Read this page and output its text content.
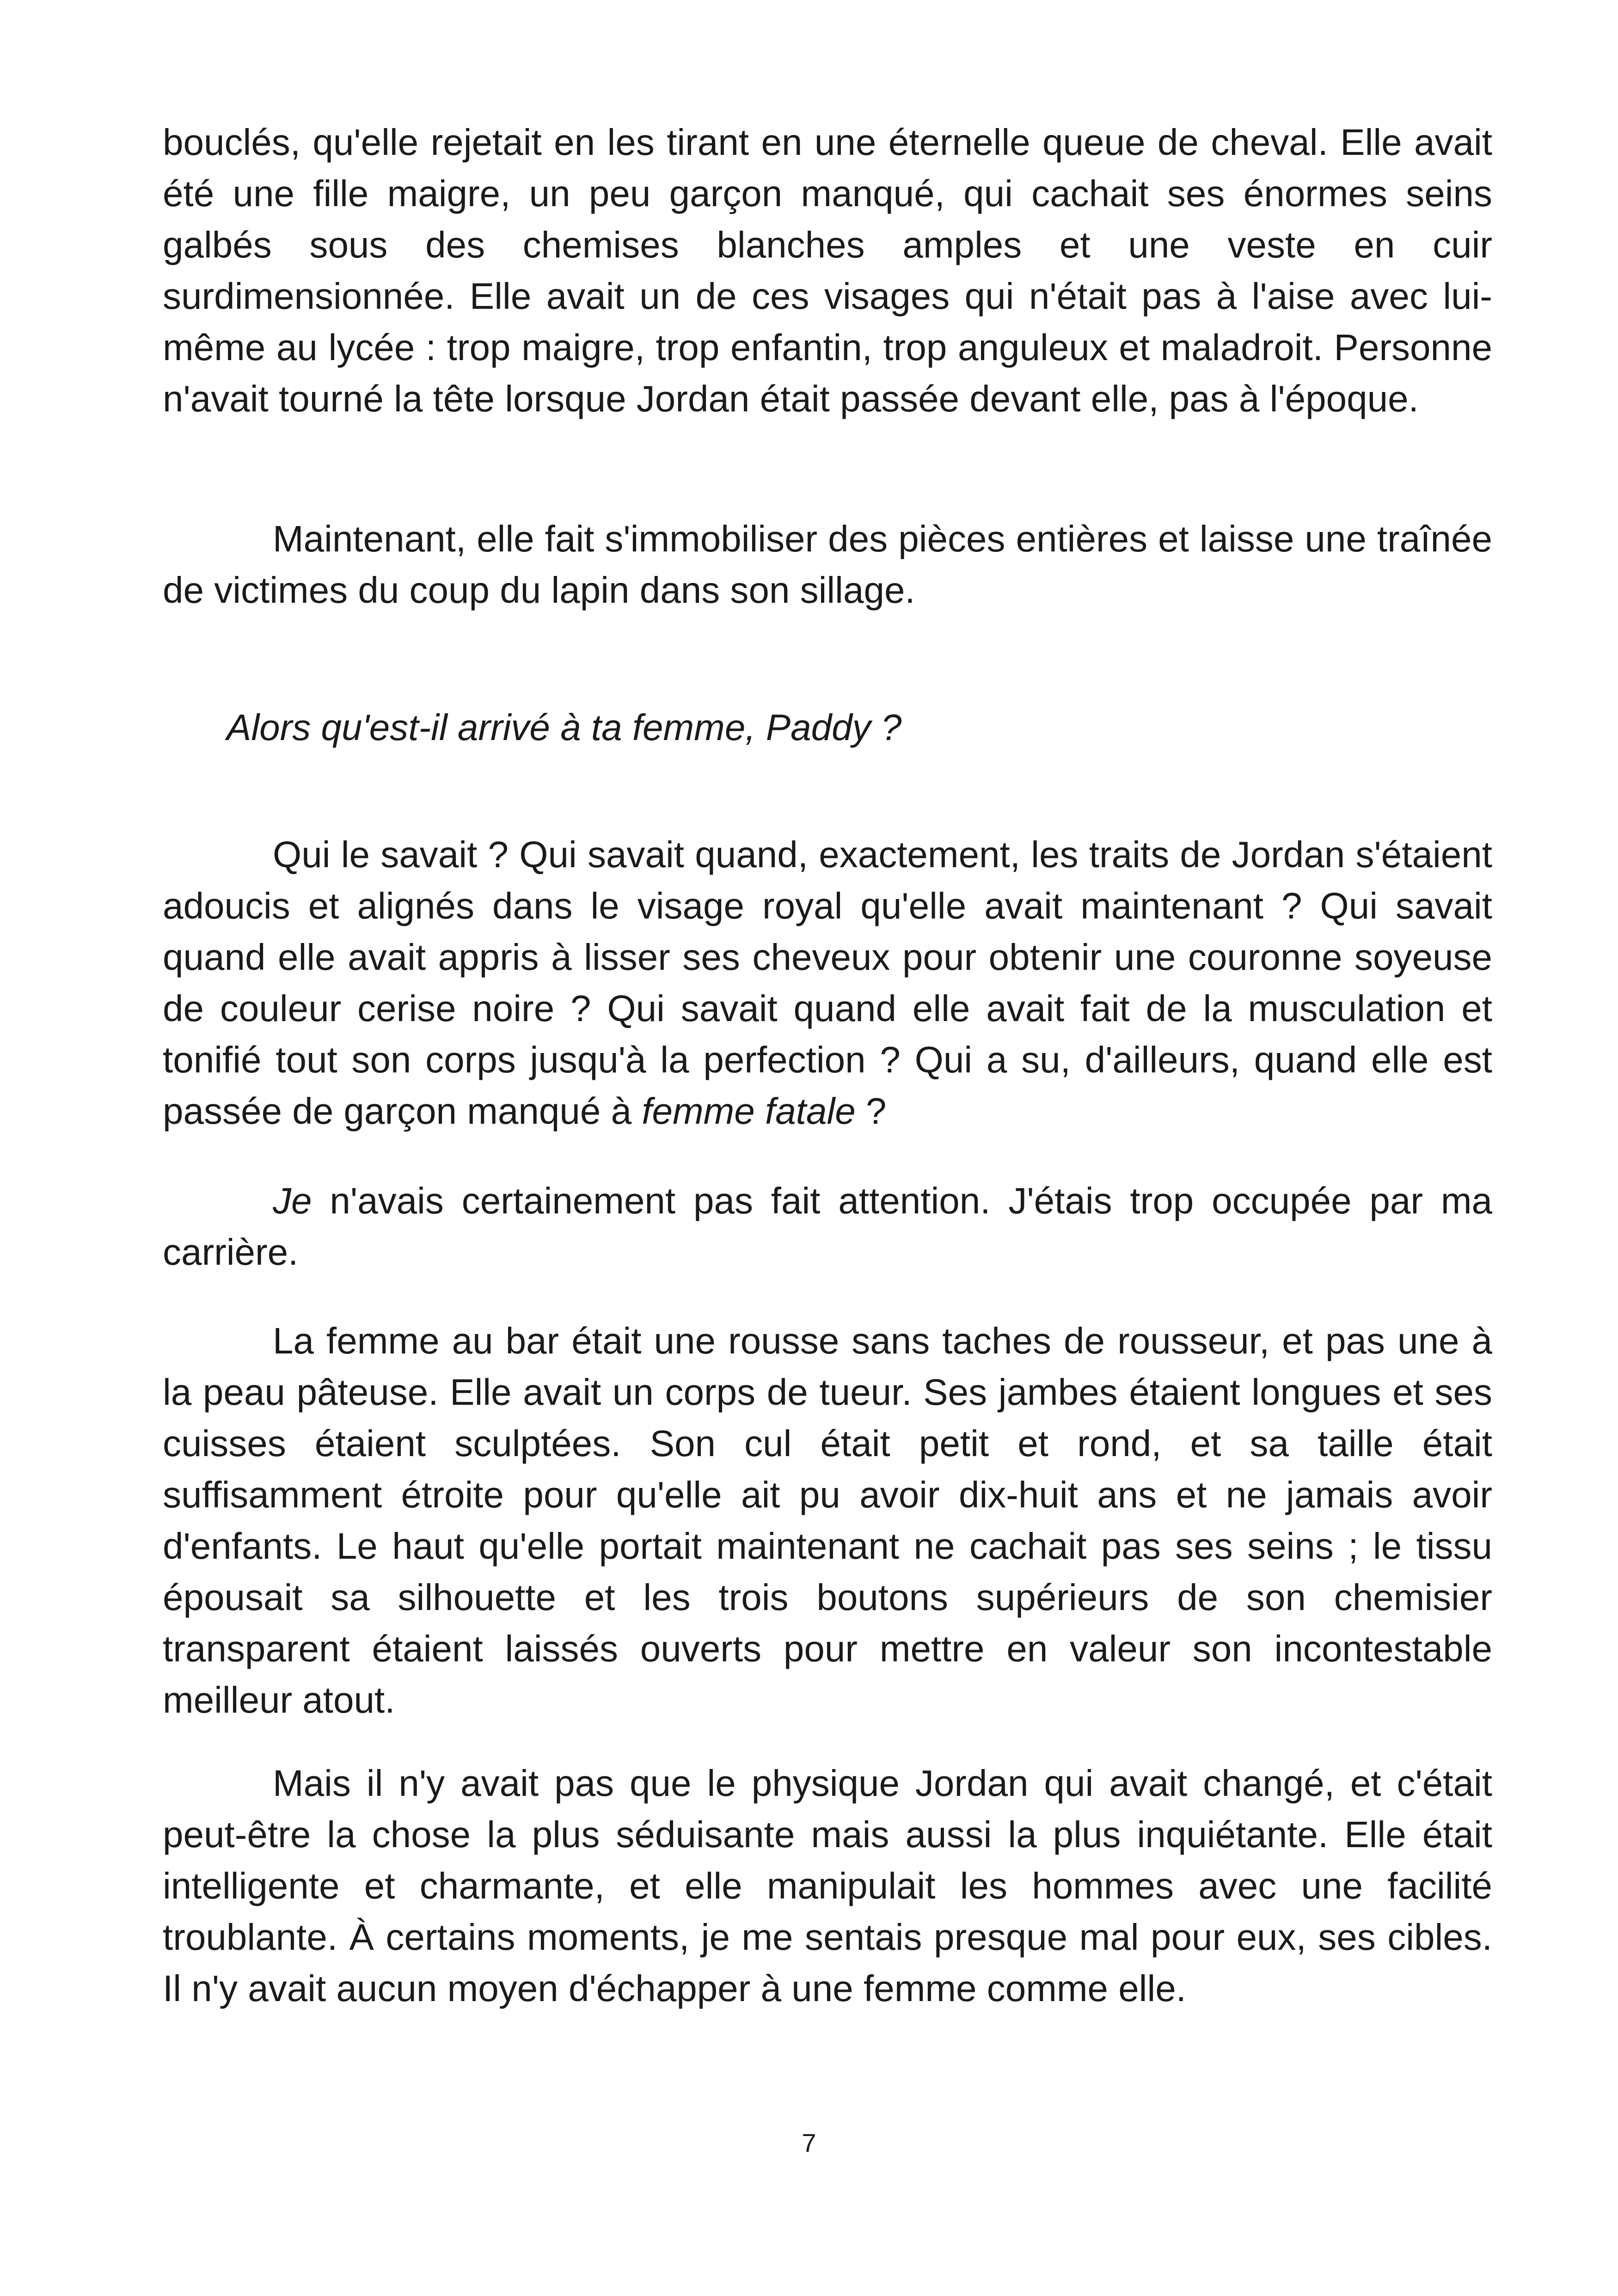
bouclés, qu'elle rejetait en les tirant en une éternelle queue de cheval. Elle avait été une fille maigre, un peu garçon manqué, qui cachait ses énormes seins galbés sous des chemises blanches amples et une veste en cuir surdimensionnée. Elle avait un de ces visages qui n'était pas à l'aise avec lui-même au lycée : trop maigre, trop enfantin, trop anguleux et maladroit. Personne n'avait tourné la tête lorsque Jordan était passée devant elle, pas à l'époque.

Maintenant, elle fait s'immobiliser des pièces entières et laisse une traînée de victimes du coup du lapin dans son sillage.

Alors qu'est-il arrivé à ta femme, Paddy ?

Qui le savait ? Qui savait quand, exactement, les traits de Jordan s'étaient adoucis et alignés dans le visage royal qu'elle avait maintenant ? Qui savait quand elle avait appris à lisser ses cheveux pour obtenir une couronne soyeuse de couleur cerise noire ? Qui savait quand elle avait fait de la musculation et tonifié tout son corps jusqu'à la perfection ? Qui a su, d'ailleurs, quand elle est passée de garçon manqué à femme fatale ?

Je n'avais certainement pas fait attention. J'étais trop occupée par ma carrière.

La femme au bar était une rousse sans taches de rousseur, et pas une à la peau pâteuse. Elle avait un corps de tueur. Ses jambes étaient longues et ses cuisses étaient sculptées. Son cul était petit et rond, et sa taille était suffisamment étroite pour qu'elle ait pu avoir dix-huit ans et ne jamais avoir d'enfants. Le haut qu'elle portait maintenant ne cachait pas ses seins ; le tissu épousait sa silhouette et les trois boutons supérieurs de son chemisier transparent étaient laissés ouverts pour mettre en valeur son incontestable meilleur atout.

Mais il n'y avait pas que le physique Jordan qui avait changé, et c'était peut-être la chose la plus séduisante mais aussi la plus inquiétante. Elle était intelligente et charmante, et elle manipulait les hommes avec une facilité troublante. À certains moments, je me sentais presque mal pour eux, ses cibles. Il n'y avait aucun moyen d'échapper à une femme comme elle.

7
